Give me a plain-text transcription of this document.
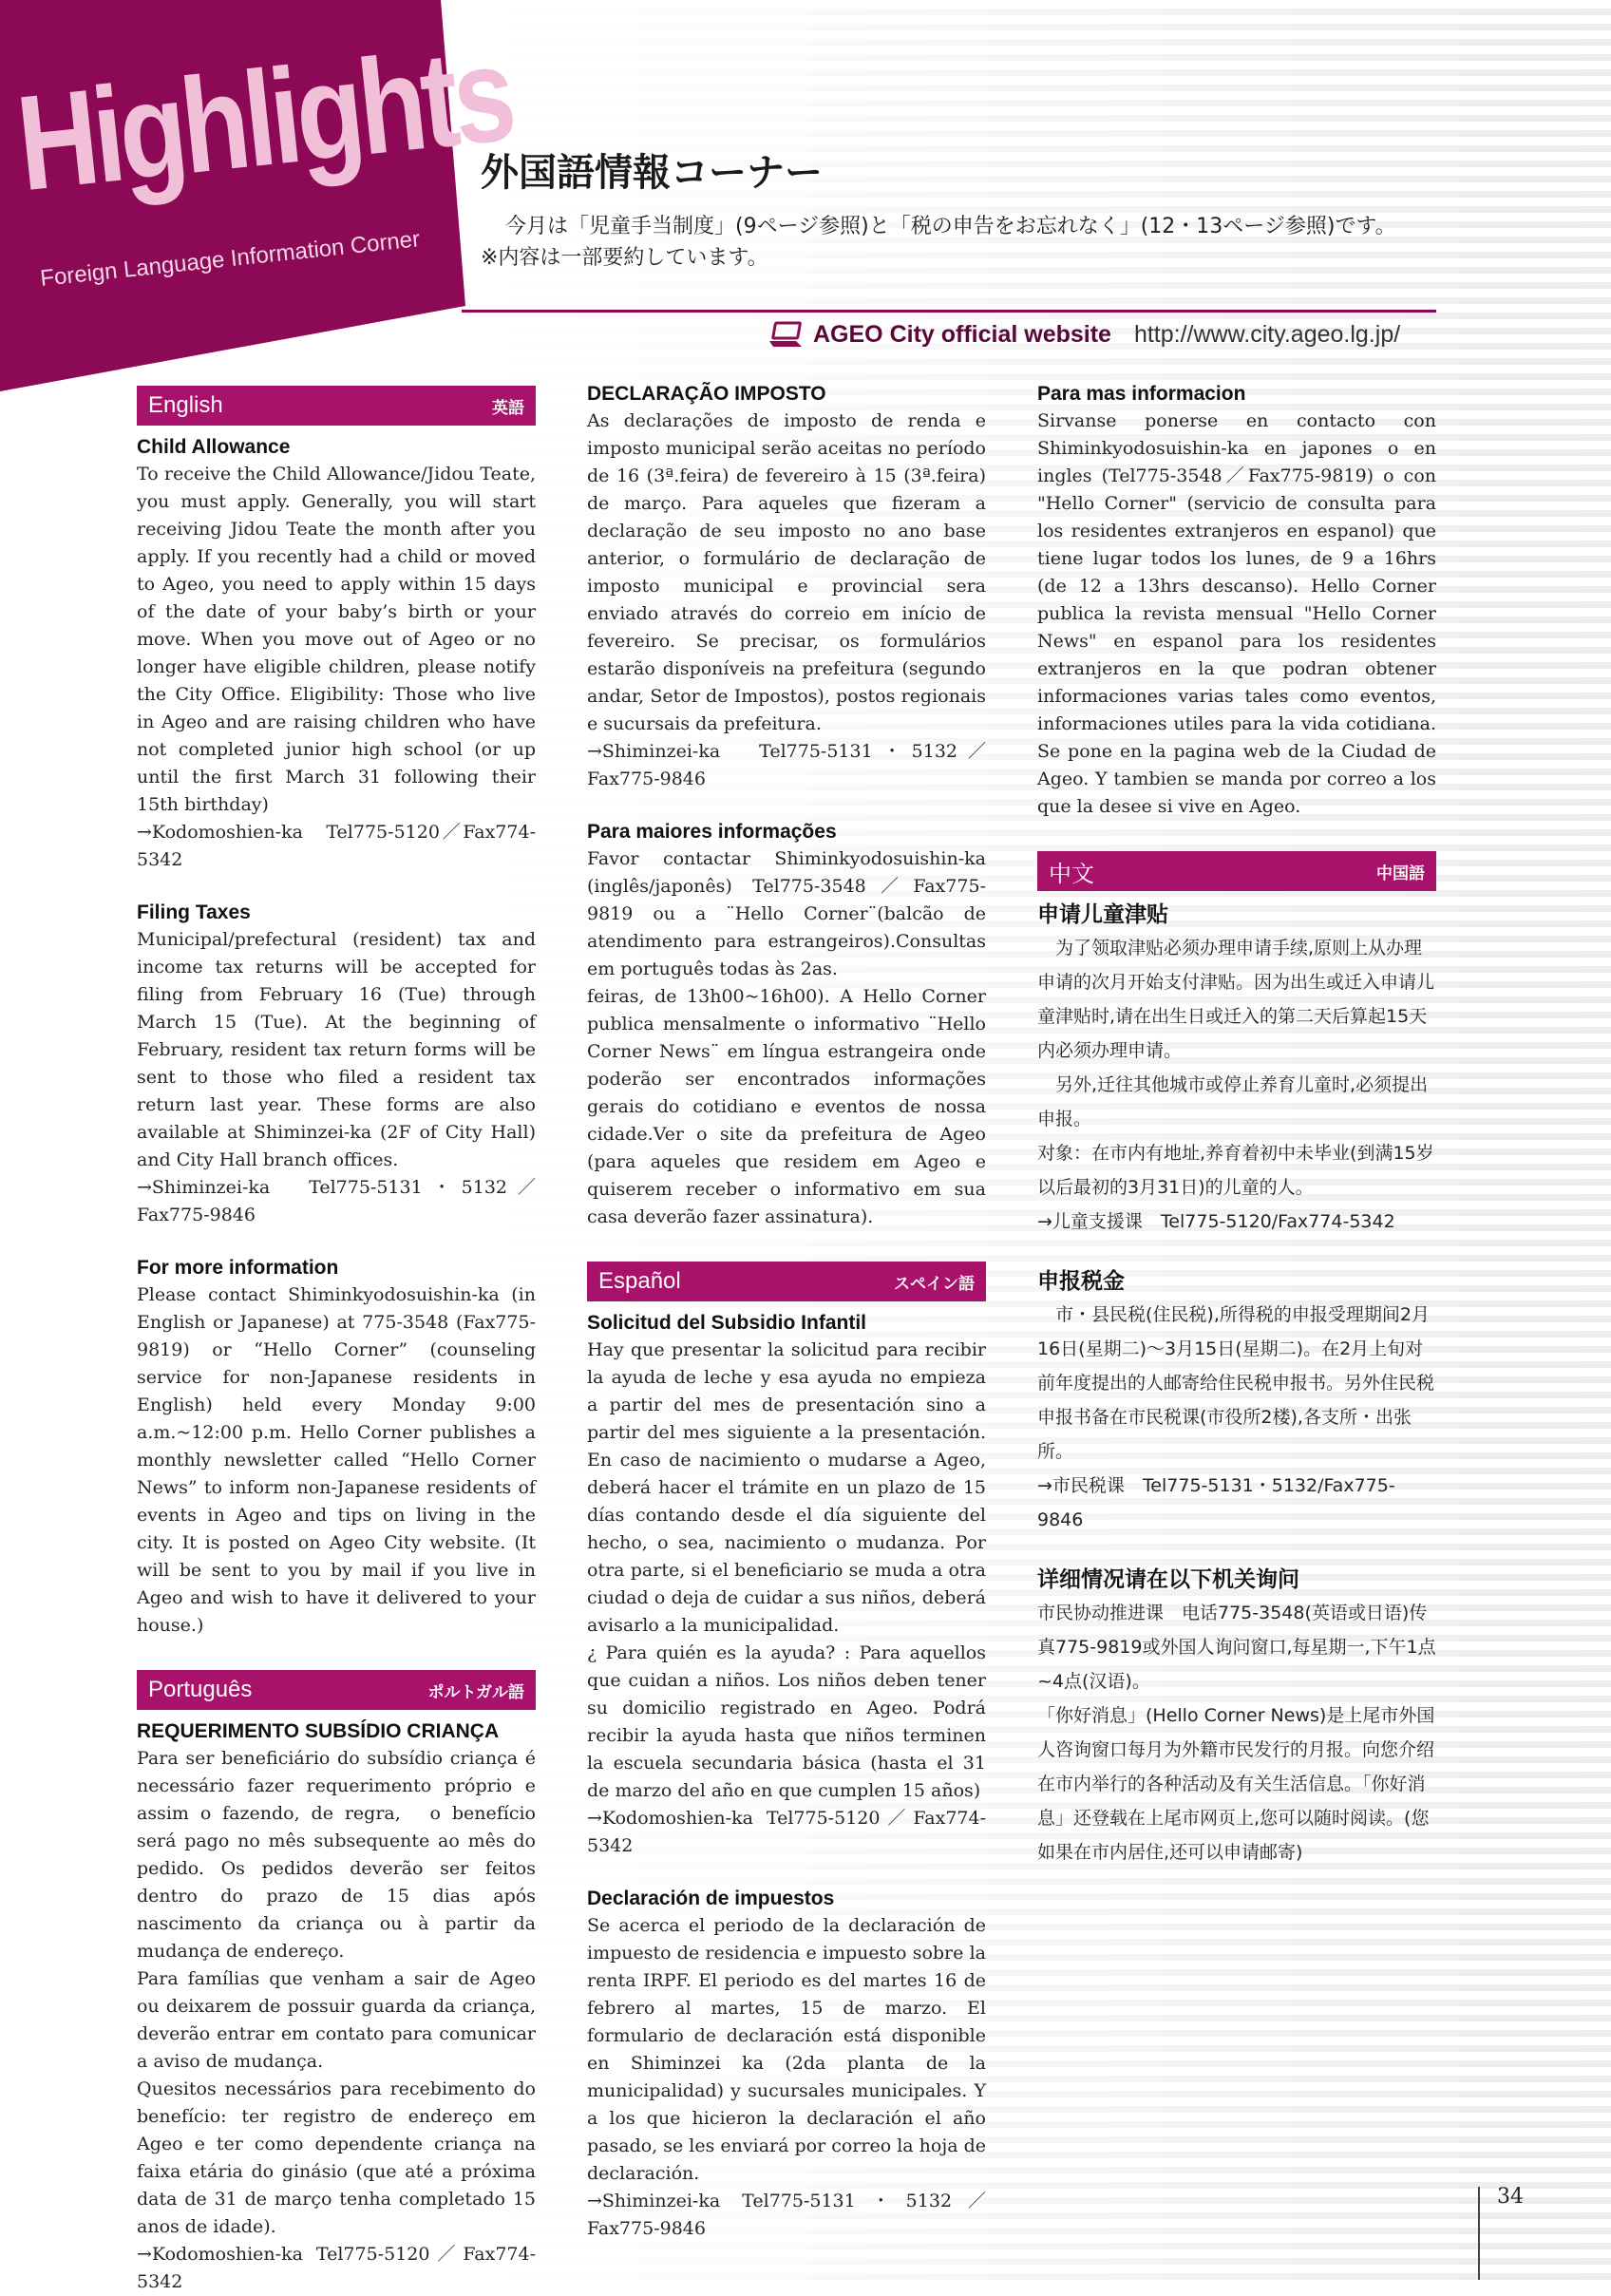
Highlights
Foreign Language Information Corner
外国語情報コーナー
今月は「児童手当制度」(9ページ参照)と「税の申告をお忘れなく」(12・13ページ参照)です。
※内容は一部要約しています。
AGEO City official website http://www.city.ageo.lg.jp/
English	英語
Child Allowance

To receive the Child Allowance/Jidou Teate, you must apply. Generally, you will start receiving Jidou Teate the month after you apply. If you recently had a child or moved to Ageo, you need to apply within 15 days of the date of your baby’s birth or your move. When you move out of Ageo or no longer have eligible children, please notify the City Office. Eligibility: Those who live in Ageo and are raising children who have not completed junior high school (or up until the first March 31 following their 15th birthday)
→Kodomoshien-ka　Tel775-5120／Fax774-5342

Filing Taxes

Municipal/prefectural (resident) tax and income tax returns will be accepted for filing from February 16 (Tue) through March 15 (Tue). At the beginning of February, resident tax return forms will be sent to those who filed a resident tax return last year. These forms are also available at Shiminzei-ka (2F of City Hall) and City Hall branch offices.
→Shiminzei-ka　Tel775-5131・5132／Fax775-9846

For more information

Please contact Shiminkyodosuishin-ka (in English or Japanese) at 775-3548 (Fax775-9819) or “Hello Corner” (counseling service for non-Japanese residents in English) held every Monday 9:00 a.m.~12:00 p.m. Hello Corner publishes a monthly newsletter called “Hello Corner News” to inform non-Japanese residents of events in Ageo and tips on living in the city. It is posted on Ageo City website. (It will be sent to you by mail if you live in Ageo and wish to have it delivered to your house.)

Português	ポルトガル語
REQUERIMENTO SUBSÍDIO CRIANÇA

Para ser beneficiário do subsídio criança é necessário fazer requerimento próprio e assim o fazendo, de regra,　o benefício será pago no mês subsequente ao mês do pedido. Os pedidos deverão ser feitos dentro do prazo de 15 dias após nascimento da criança ou à partir da mudança de endereço.
Para famílias que venham a sair de Ageo ou deixarem de possuir guarda da criança, deverão entrar em contato para comunicar a aviso de mudança.
Quesitos necessários para recebimento do benefício: ter registro de endereço em Ageo e ter como dependente criança na faixa etária do ginásio (que até a próxima data de 31 de março tenha completado 15 anos de idade).
→Kodomoshien-ka Tel775-5120／Fax774-5342

DECLARAÇÃO IMPOSTO

As declarações de imposto de renda e imposto municipal serão aceitas no período de 16 (3ª.feira) de fevereiro à 15 (3ª.feira) de março. Para aqueles que fizeram a declaração de seu imposto no ano base anterior, o formulário de declaração de imposto municipal e provincial sera enviado através do correio em início de fevereiro. Se precisar, os formulários estarão disponíveis na prefeitura (segundo andar, Setor de Impostos), postos regionais e sucursais da prefeitura.
→Shiminzei-ka　Tel775-5131・5132／Fax775-9846

Para maiores informações

Favor contactar Shiminkyodosuishin-ka (inglês/japonês) Tel775-3548／Fax775-9819 ou a ¨Hello Corner¨(balcão de atendimento para estrangeiros).Consultas em português todas às 2as.
feiras, de 13h00~16h00). A Hello Corner publica mensalmente o informativo ¨Hello Corner News¨ em língua estrangeira onde poderão ser encontrados informações gerais do cotidiano e eventos de nossa cidade.Ver o site da prefeitura de Ageo (para aqueles que residem em Ageo e quiserem receber o informativo em sua casa deverão fazer assinatura).

Español	スペイン語
Solicitud del Subsidio Infantil

Hay que presentar la solicitud para recibir la ayuda de leche y esa ayuda no empieza a partir del mes de presentación sino a partir del mes siguiente a la presentación. En caso de nacimiento o mudarse a Ageo, deberá hacer el trámite en un plazo de 15 días contando desde el día siguiente del hecho, o sea, nacimiento o mudanza. Por otra parte, si el beneficiario se muda a otra ciudad o deja de cuidar a sus niños, deberá avisarlo a la municipalidad.
¿ Para quién es la ayuda? : Para aquellos que cuidan a niños. Los niños deben tener su domicilio registrado en Ageo. Podrá recibir la ayuda hasta que niños terminen la escuela secundaria básica (hasta el 31 de marzo del año en que cumplen 15 años)
→Kodomoshien-ka Tel775-5120／Fax774-5342

Declaración de impuestos

Se acerca el periodo de la declaración de impuesto de residencia e impuesto sobre la renta IRPF. El periodo es del martes 16 de febrero al martes, 15 de marzo. El formulario de declaración está disponible en Shiminzei ka (2da planta de la municipalidad) y sucursales municipales. Y a los que hicieron la declaración el año pasado, se les enviará por correo la hoja de declaración.
→Shiminzei-ka Tel775-5131・5132／Fax775-9846

Para mas informacion

Sirvanse ponerse en contacto con Shiminkyodosuishin-ka en japones o en ingles (Tel775-3548／Fax775-9819) o con "Hello Corner" (servicio de consulta para los residentes extranjeros en espanol) que tiene lugar todos los lunes, de 9 a 16hrs (de 12 a 13hrs descanso). Hello Corner publica la revista mensual "Hello Corner News" en espanol para los residentes extranjeros en la que podran obtener informaciones varias tales como eventos, informaciones utiles para la vida cotidiana. Se pone en la pagina web de la Ciudad de Ageo. Y tambien se manda por correo a los que la desee si vive en Ageo.

中文	中国語
申请儿童津贴

　为了领取津贴必须办理申请手续,原则上从办理申请的次月开始支付津贴。因为出生或迁入申请儿童津贴时,请在出生日或迁入的第二天后算起15天内必须办理申请。
　另外,迁往其他城市或停止养育儿童时,必须提出申报。
对象：在市内有地址,养育着初中未毕业(到满15岁以后最初的3月31日)的儿童的人。
→儿童支援课　Tel775-5120/Fax774-5342

申报税金

　市・县民税(住民税),所得税的申报受理期间2月16日(星期二)～3月15日(星期二)。在2月上旬对前年度提出的人邮寄给住民税申报书。另外住民税申报书备在市民税课(市役所2楼),各支所・出张所。
→市民税课　Tel775-5131・5132/Fax775-9846

详细情况请在以下机关询问

市民协动推进课　电话775-3548(英语或日语)传真775-9819或外国人询问窗口,每星期一,下午1点~4点(汉语)。
「你好消息」(Hello Corner News)是上尾市外国人咨询窗口每月为外籍市民发行的月报。向您介绍在市内举行的各种活动及有关生活信息。「你好消息」还登载在上尾市网页上,您可以随时阅读。(您如果在市内居住,还可以申请邮寄)

34
